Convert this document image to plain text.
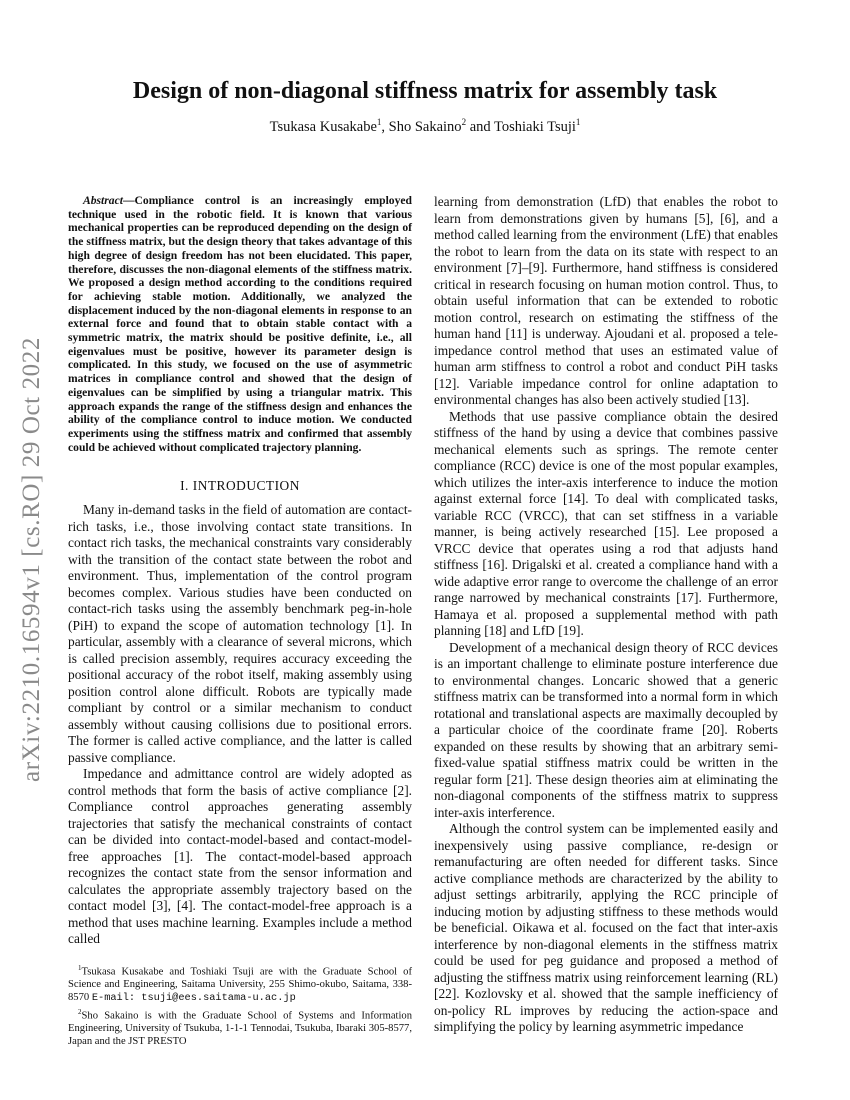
arXiv:2210.16594v1 [cs.RO] 29 Oct 2022
Design of non-diagonal stiffness matrix for assembly task
Tsukasa Kusakabe$^1$, Sho Sakaino$^2$ and Toshiaki Tsuji$^1$

Abstract—Compliance control is an increasingly employed technique used in the robotic field. It is known that various mechanical properties can be reproduced depending on the design of the stiffness matrix, but the design theory that takes advantage of this high degree of design freedom has not been elucidated. This paper, therefore, discusses the non-diagonal elements of the stiffness matrix. We proposed a design method according to the conditions required for achieving stable motion. Additionally, we analyzed the displacement induced by the non-diagonal elements in response to an external force and found that to obtain stable contact with a symmetric matrix, the matrix should be positive definite, i.e., all eigenvalues must be positive, however its parameter design is complicated. In this study, we focused on the use of asymmetric matrices in compliance control and showed that the design of eigenvalues can be simplified by using a triangular matrix. This approach expands the range of the stiffness design and enhances the ability of the compliance control to induce motion. We conducted experiments using the stiffness matrix and confirmed that assembly could be achieved without complicated trajectory planning.

I. INTRODUCTION

Many in-demand tasks in the field of automation are contact-rich tasks, i.e., those involving contact state transitions. In contact rich tasks, the mechanical constraints vary considerably with the transition of the contact state between the robot and environment. Thus, implementation of the control program becomes complex. Various studies have been conducted on contact-rich tasks using the assembly benchmark peg-in-hole (PiH) to expand the scope of automation technology [1]. In particular, assembly with a clearance of several microns, which is called precision assembly, requires accuracy exceeding the positional accuracy of the robot itself, making assembly using position control alone difficult. Robots are typically made compliant by control or a similar mechanism to conduct assembly without causing collisions due to positional errors. The former is called active compliance, and the latter is called passive compliance.

Impedance and admittance control are widely adopted as control methods that form the basis of active compliance [2]. Compliance control approaches generating assembly trajectories that satisfy the mechanical constraints of contact can be divided into contact-model-based and contact-model-free approaches [1]. The contact-model-based approach recognizes the contact state from the sensor information and calculates the appropriate assembly trajectory based on the contact model [3], [4]. The contact-model-free approach is a method that uses machine learning. Examples include a method called

$^1$Tsukasa Kusakabe and Toshiaki Tsuji are with the Graduate School of Science and Engineering, Saitama University, 255 Shimo-okubo, Saitama, 338-8570 E-mail: tsuji@ees.saitama-u.ac.jp

$^2$Sho Sakaino is with the Graduate School of Systems and Information Engineering, University of Tsukuba, 1-1-1 Tennodai, Tsukuba, Ibaraki 305-8577, Japan and the JST PRESTO

learning from demonstration (LfD) that enables the robot to learn from demonstrations given by humans [5], [6], and a method called learning from the environment (LfE) that enables the robot to learn from the data on its state with respect to an environment [7]–[9]. Furthermore, hand stiffness is considered critical in research focusing on human motion control. Thus, to obtain useful information that can be extended to robotic motion control, research on estimating the stiffness of the human hand [11] is underway. Ajoudani et al. proposed a tele-impedance control method that uses an estimated value of human arm stiffness to control a robot and conduct PiH tasks [12]. Variable impedance control for online adaptation to environmental changes has also been actively studied [13].

Methods that use passive compliance obtain the desired stiffness of the hand by using a device that combines passive mechanical elements such as springs. The remote center compliance (RCC) device is one of the most popular examples, which utilizes the inter-axis interference to induce the motion against external force [14]. To deal with complicated tasks, variable RCC (VRCC), that can set stiffness in a variable manner, is being actively researched [15]. Lee proposed a VRCC device that operates using a rod that adjusts hand stiffness [16]. Drigalski et al. created a compliance hand with a wide adaptive error range to overcome the challenge of an error range narrowed by mechanical constraints [17]. Furthermore, Hamaya et al. proposed a supplemental method with path planning [18] and LfD [19].

Development of a mechanical design theory of RCC devices is an important challenge to eliminate posture interference due to environmental changes. Loncaric showed that a generic stiffness matrix can be transformed into a normal form in which rotational and translational aspects are maximally decoupled by a particular choice of the coordinate frame [20]. Roberts expanded on these results by showing that an arbitrary semi-fixed-value spatial stiffness matrix could be written in the regular form [21]. These design theories aim at eliminating the non-diagonal components of the stiffness matrix to suppress inter-axis interference.

Although the control system can be implemented easily and inexpensively using passive compliance, re-design or remanufacturing are often needed for different tasks. Since active compliance methods are characterized by the ability to adjust settings arbitrarily, applying the RCC principle of inducing motion by adjusting stiffness to these methods would be beneficial. Oikawa et al. focused on the fact that inter-axis interference by non-diagonal elements in the stiffness matrix could be used for peg guidance and proposed a method of adjusting the stiffness matrix using reinforcement learning (RL) [22]. Kozlovsky et al. showed that the sample inefficiency of on-policy RL improves by reducing the action-space and simplifying the policy by learning asymmetric impedance
